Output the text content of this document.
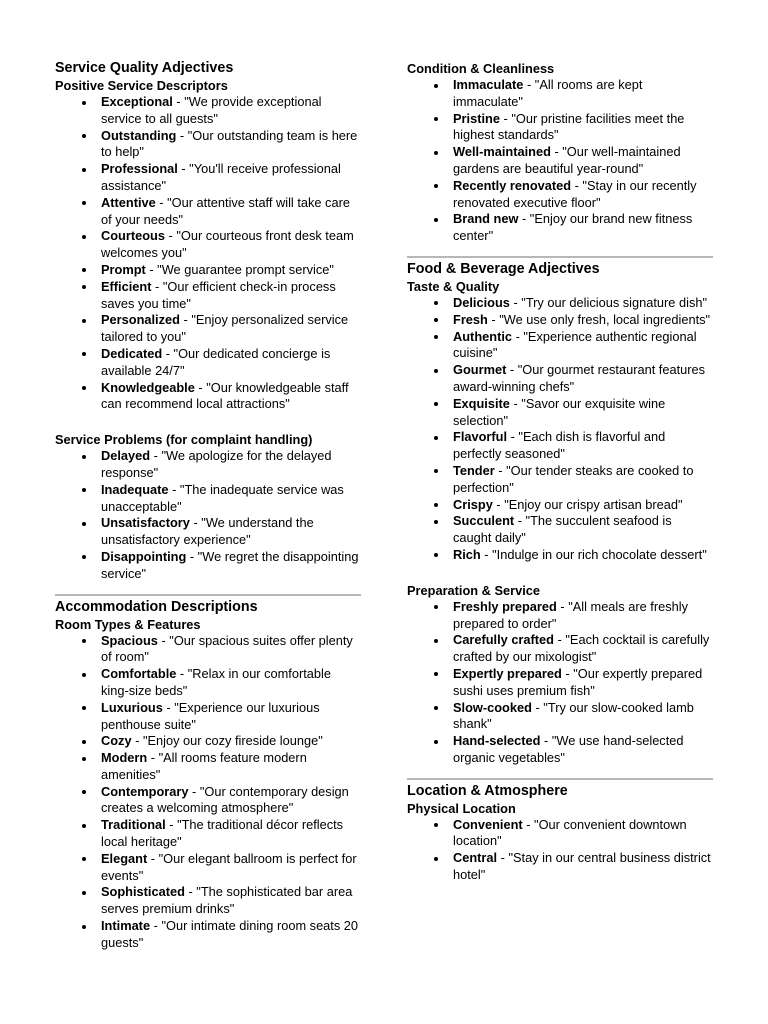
Service Quality Adjectives
Positive Service Descriptors
Exceptional - "We provide exceptional service to all guests"
Outstanding - "Our outstanding team is here to help"
Professional - "You'll receive professional assistance"
Attentive - "Our attentive staff will take care of your needs"
Courteous - "Our courteous front desk team welcomes you"
Prompt - "We guarantee prompt service"
Efficient - "Our efficient check-in process saves you time"
Personalized - "Enjoy personalized service tailored to you"
Dedicated - "Our dedicated concierge is available 24/7"
Knowledgeable - "Our knowledgeable staff can recommend local attractions"
Service Problems (for complaint handling)
Delayed - "We apologize for the delayed response"
Inadequate - "The inadequate service was unacceptable"
Unsatisfactory - "We understand the unsatisfactory experience"
Disappointing - "We regret the disappointing service"
Accommodation Descriptions
Room Types & Features
Spacious - "Our spacious suites offer plenty of room"
Comfortable - "Relax in our comfortable king-size beds"
Luxurious - "Experience our luxurious penthouse suite"
Cozy - "Enjoy our cozy fireside lounge"
Modern - "All rooms feature modern amenities"
Contemporary - "Our contemporary design creates a welcoming atmosphere"
Traditional - "The traditional décor reflects local heritage"
Elegant - "Our elegant ballroom is perfect for events"
Sophisticated - "The sophisticated bar area serves premium drinks"
Intimate - "Our intimate dining room seats 20 guests"
Condition & Cleanliness
Immaculate - "All rooms are kept immaculate"
Pristine - "Our pristine facilities meet the highest standards"
Well-maintained - "Our well-maintained gardens are beautiful year-round"
Recently renovated - "Stay in our recently renovated executive floor"
Brand new - "Enjoy our brand new fitness center"
Food & Beverage Adjectives
Taste & Quality
Delicious - "Try our delicious signature dish"
Fresh - "We use only fresh, local ingredients"
Authentic - "Experience authentic regional cuisine"
Gourmet - "Our gourmet restaurant features award-winning chefs"
Exquisite - "Savor our exquisite wine selection"
Flavorful - "Each dish is flavorful and perfectly seasoned"
Tender - "Our tender steaks are cooked to perfection"
Crispy - "Enjoy our crispy artisan bread"
Succulent - "The succulent seafood is caught daily"
Rich - "Indulge in our rich chocolate dessert"
Preparation & Service
Freshly prepared - "All meals are freshly prepared to order"
Carefully crafted - "Each cocktail is carefully crafted by our mixologist"
Expertly prepared - "Our expertly prepared sushi uses premium fish"
Slow-cooked - "Try our slow-cooked lamb shank"
Hand-selected - "We use hand-selected organic vegetables"
Location & Atmosphere
Physical Location
Convenient - "Our convenient downtown location"
Central - "Stay in our central business district hotel"
